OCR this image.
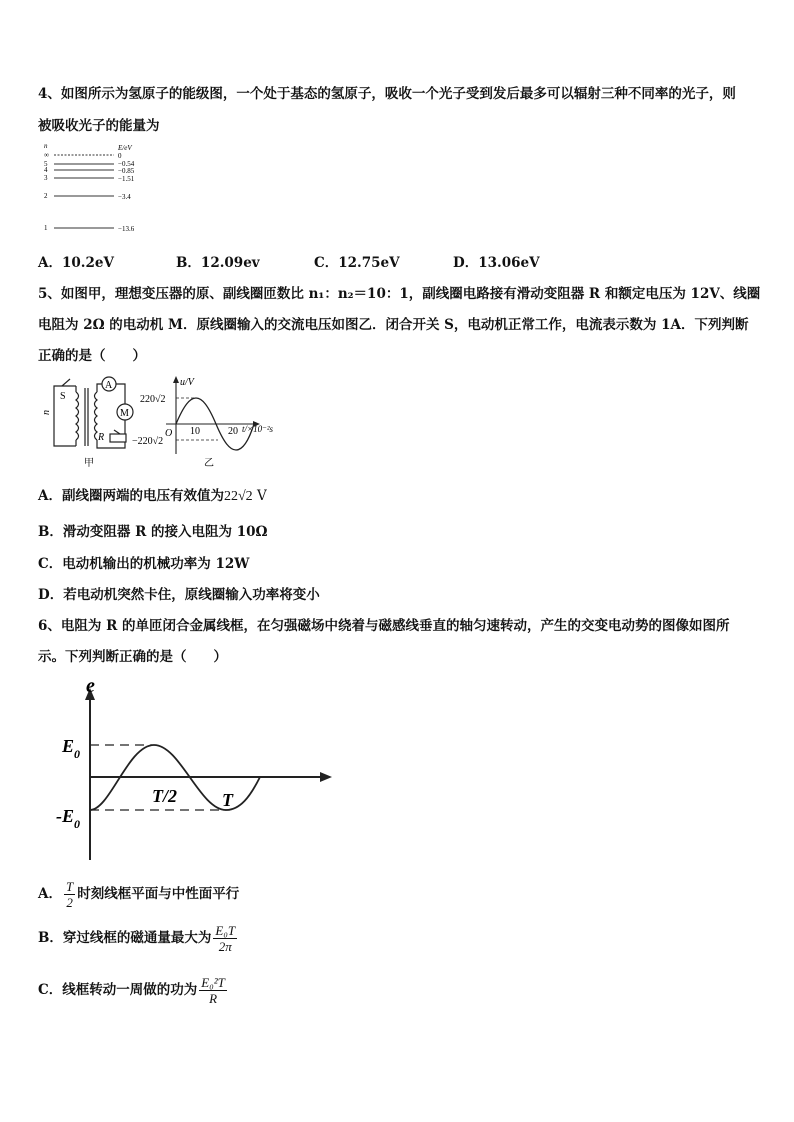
4、如图所示为氢原子的能级图，一个处于基态的氢原子，吸收一个光子受到发后最多可以辐射三种不同率的光子，则
被吸收光子的能量为
n	E/eV
∞	0
5	−0.54
4	−0.85
3	−1.51
2	−3.4
1	−13.6
A．10.2eV	B．12.09ev	C．12.75eV	D．13.06eV
5、如图甲，理想变压器的原、副线圈匝数比 n₁：n₂＝10：1，副线圈电路接有滑动变阻器 R 和额定电压为 12V、线圈
电阻为 2Ω 的电动机 M．原线圈输入的交流电压如图乙．闭合开关 S，电动机正常工作，电流表示数为 1A．下列判断
正确的是（　　）
S
u
A
M
R
甲
u/V
220√2
−220√2
O 10	20 t/×10⁻²s
乙
A．副线圈两端的电压有效值为22√2 V
B．滑动变阻器 R 的接入电阻为 10Ω
C．电动机输出的机械功率为 12W
D．若电动机突然卡住，原线圈输入功率将变小
6、电阻为 R 的单匝闭合金属线框，在匀强磁场中绕着与磁感线垂直的轴匀速转动，产生的交变电动势的图像如图所
示。下列判断正确的是（　　）
e
$E_0$
$-E_0$
T/2	T
A． $\frac{T}{2}$ 时刻线框平面与中性面平行
B．穿过线框的磁通量最大为 $\frac{\text{E₀T}}{2\pi}$
C．线框转动一周做的功为 $\frac{\text{E₀²T}}{R}$
